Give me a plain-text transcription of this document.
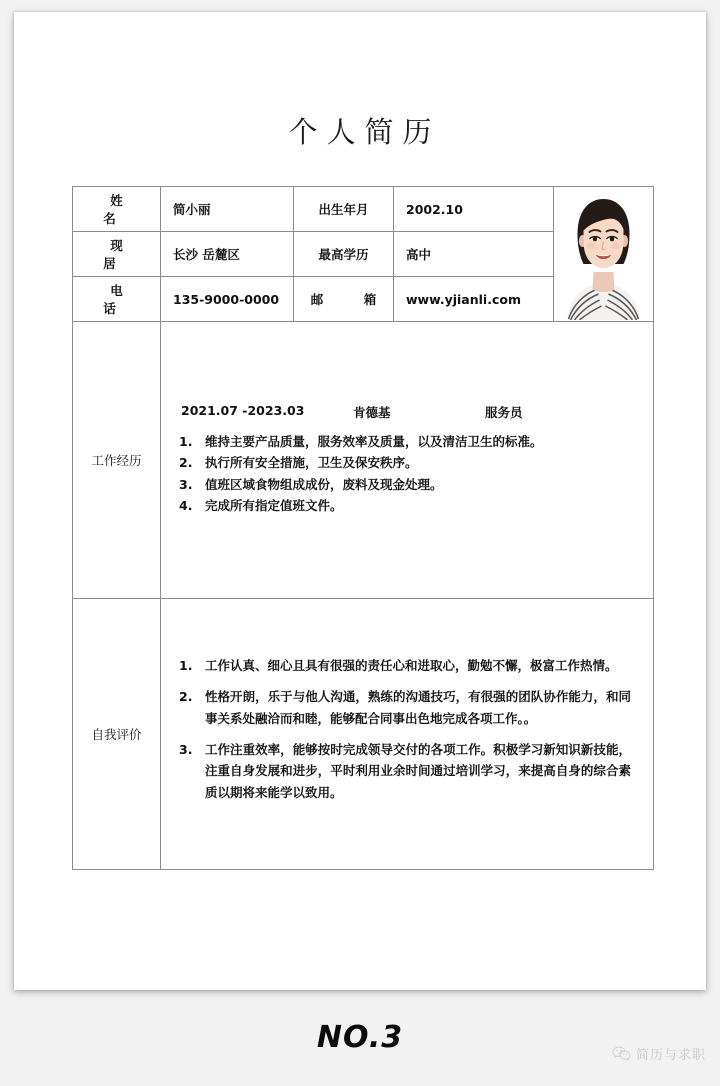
个人简历
姓　名	简小丽	出生年月	2002.10	

现　居	长沙 岳麓区	最高学历	高中	
电　话	135-9000-0000	邮　箱	www.yjianli.com	
工作经历	
2021.07 -2023.03	肯德基	服务员
1.	维持主要产品质量，服务效率及质量，以及清洁卫生的标准。
2.	执行所有安全措施，卫生及保安秩序。
3.	值班区域食物组成成份，废料及现金处理。
4.	完成所有指定值班文件。

自我评价	
1.	工作认真、细心且具有很强的责任心和进取心，勤勉不懈，极富工作热情。
2.	性格开朗，乐于与他人沟通，熟练的沟通技巧，有很强的团队协作能力，和同事关系处融洽而和睦，能够配合同事出色地完成各项工作。。
3.	工作注重效率，能够按时完成领导交付的各项工作。积极学习新知识新技能，注重自身发展和进步，平时利用业余时间通过培训学习，来提高自身的综合素质以期将来能学以致用。
NO.3
简历与求职
